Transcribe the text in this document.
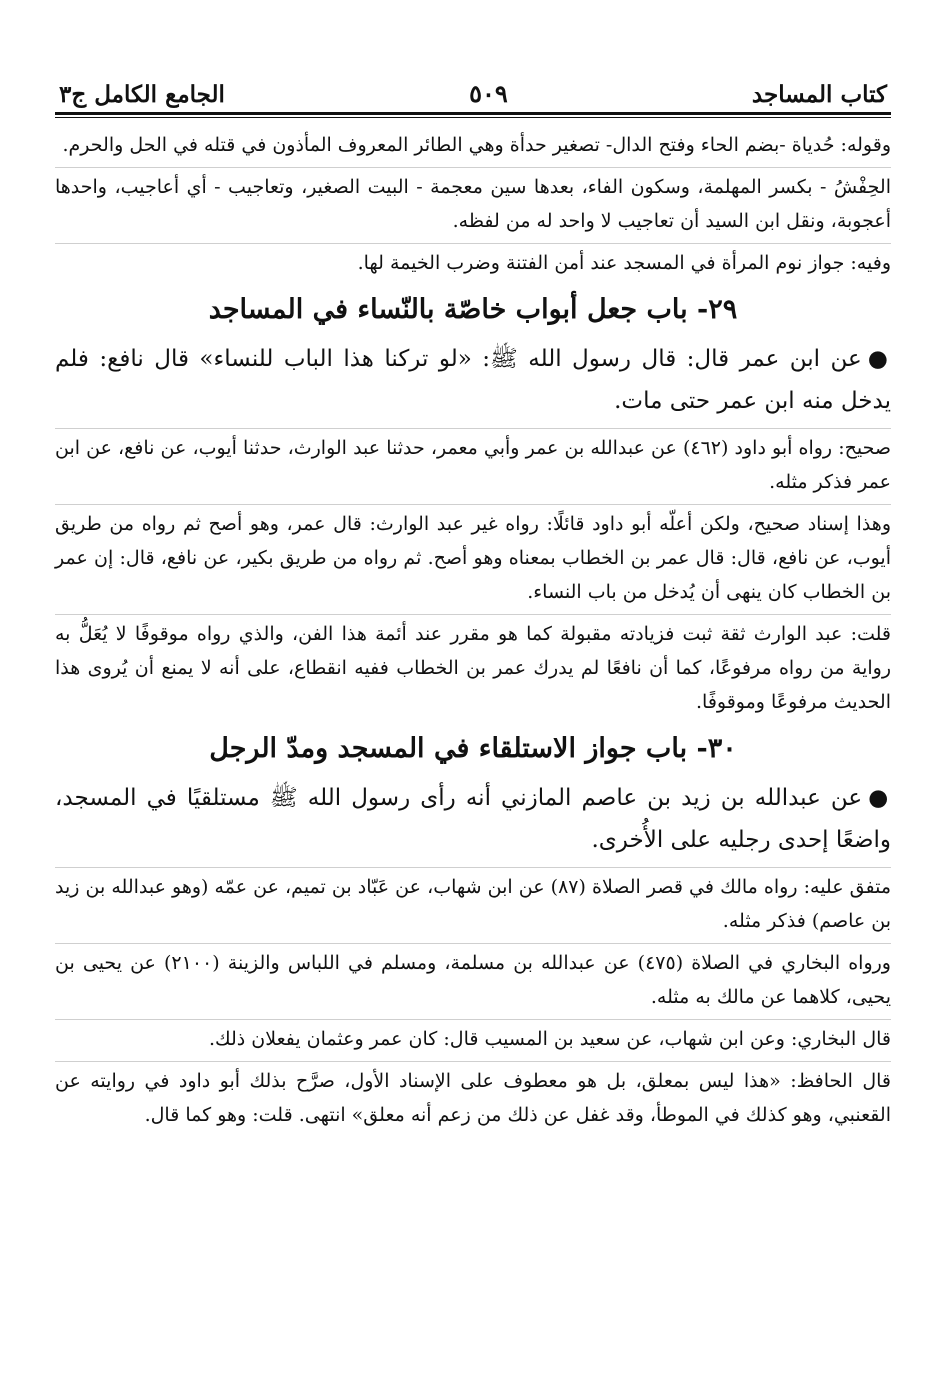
كتاب المساجد
٥٠٩
الجامع الكامل ج٣

وقوله: حُدياة -بضم الحاء وفتح الدال- تصغير حدأة وهي الطائر المعروف المأذون في قتله في الحل والحرم.

الحِفْشُ - بكسر المهلمة، وسكون الفاء، بعدها سين معجمة - البيت الصغير، وتعاجيب - أي أعاجيب، واحدها أعجوبة، ونقل ابن السيد أن تعاجيب لا واحد له من لفظه.

وفيه: جواز نوم المرأة في المسجد عند أمن الفتنة وضرب الخيمة لها.

٢٩- باب جعل أبواب خاصّة بالنّساء في المساجد

●عن ابن عمر قال: قال رسول الله ﷺ: «لو تركنا هذا الباب للنساء» قال نافع: فلم يدخل منه ابن عمر حتى مات.

صحيح: رواه أبو داود (٤٦٢) عن عبدالله بن عمر وأبي معمر، حدثنا عبد الوارث، حدثنا أيوب، عن نافع، عن ابن عمر فذكر مثله.

وهذا إسناد صحيح، ولكن أعلّه أبو داود قائلًا: رواه غير عبد الوارث: قال عمر، وهو أصح ثم رواه من طريق أيوب، عن نافع، قال: قال عمر بن الخطاب بمعناه وهو أصح. ثم رواه من طريق بكير، عن نافع، قال: إن عمر بن الخطاب كان ينهى أن يُدخل من باب النساء.

قلت: عبد الوارث ثقة ثبت فزيادته مقبولة كما هو مقرر عند أئمة هذا الفن، والذي رواه موقوفًا لا يُعَلُّ به رواية من رواه مرفوعًا، كما أن نافعًا لم يدرك عمر بن الخطاب ففيه انقطاع، على أنه لا يمنع أن يُروى هذا الحديث مرفوعًا وموقوفًا.

٣٠- باب جواز الاستلقاء في المسجد ومدّ الرجل

●عن عبدالله بن زيد بن عاصم المازني أنه رأى رسول الله ﷺ مستلقيًا في المسجد، واضعًا إحدى رجليه على الأُخرى.

متفق عليه: رواه مالك في قصر الصلاة (٨٧) عن ابن شهاب، عن عَبّاد بن تميم، عن عمّه (وهو عبدالله بن زيد بن عاصم) فذكر مثله.

ورواه البخاري في الصلاة (٤٧٥) عن عبدالله بن مسلمة، ومسلم في اللباس والزينة (٢١٠٠) عن يحيى بن يحيى، كلاهما عن مالك به مثله.

قال البخاري: وعن ابن شهاب، عن سعيد بن المسيب قال: كان عمر وعثمان يفعلان ذلك.

قال الحافظ: «هذا ليس بمعلق، بل هو معطوف على الإسناد الأول، صرَّح بذلك أبو داود في روايته عن القعنبي، وهو كذلك في الموطأ، وقد غفل عن ذلك من زعم أنه معلق» انتهى. قلت: وهو كما قال.
